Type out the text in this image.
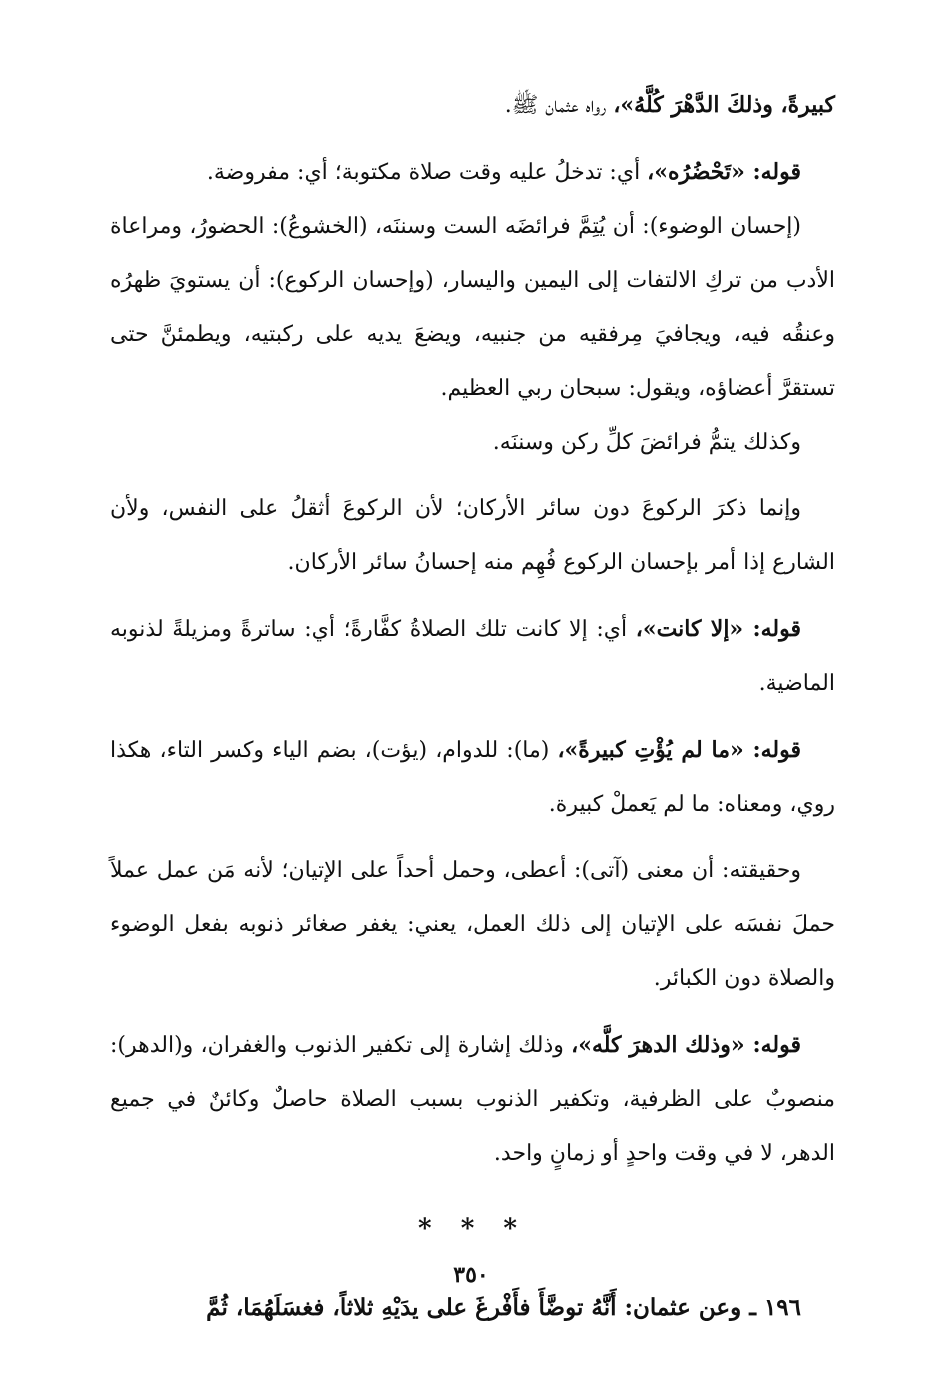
كبيرةً، وذلكَ الدَّهْرَ كُلَّهُ»، رواه عثمان ﷺ.

قوله: «تَحْضُرُه»، أي: تدخلُ عليه وقت صلاة مكتوبة؛ أي: مفروضة.

(إحسان الوضوء): أن يُتِمَّ فرائضَه الست وسننَه، (الخشوعُ): الحضورُ، ومراعاة الأدب من تركِ الالتفات إلى اليمين واليسار، (وإحسان الركوع): أن يستويَ ظهرُه وعنقُه فيه، ويجافيَ مِرفقيه من جنبيه، ويضعَ يديه على ركبتيه، ويطمئنَّ حتى تستقرَّ أعضاؤه، ويقول: سبحان ربي العظيم.

وكذلك يتمُّ فرائضَ كلِّ ركن وسننَه.

وإنما ذكرَ الركوعَ دون سائر الأركان؛ لأن الركوعَ أثقلُ على النفس، ولأن الشارع إذا أمر بإحسان الركوع فُهِم منه إحسانُ سائر الأركان.

قوله: «إلا كانت»، أي: إلا كانت تلك الصلاةُ كفَّارةً؛ أي: ساترةً ومزيلةً لذنوبه الماضية.

قوله: «ما لم يُؤْتِ كبيرةً»، (ما): للدوام، (يؤت)، بضم الياء وكسر التاء، هكذا روي، ومعناه: ما لم يَعملْ كبيرة.

وحقيقته: أن معنى (آتى): أعطى، وحمل أحداً على الإتيان؛ لأنه مَن عمل عملاً حملَ نفسَه على الإتيان إلى ذلك العمل، يعني: يغفر صغائر ذنوبه بفعل الوضوء والصلاة دون الكبائر.

قوله: «وذلك الدهرَ كلَّه»، وذلك إشارة إلى تكفير الذنوب والغفران، و(الدهر): منصوبٌ على الظرفية، وتكفير الذنوب بسبب الصلاة حاصلٌ وكائنٌ في جميع الدهر، لا في وقت واحدٍ أو زمانٍ واحد.

* * *

١٩٦ ـ وعن عثمان: أَنَّهُ توضَّأَ فأَفْرغَ على يدَيْهِ ثلاثاً، فغسَلَهُمَا، ثُمَّ

٣٥٠
